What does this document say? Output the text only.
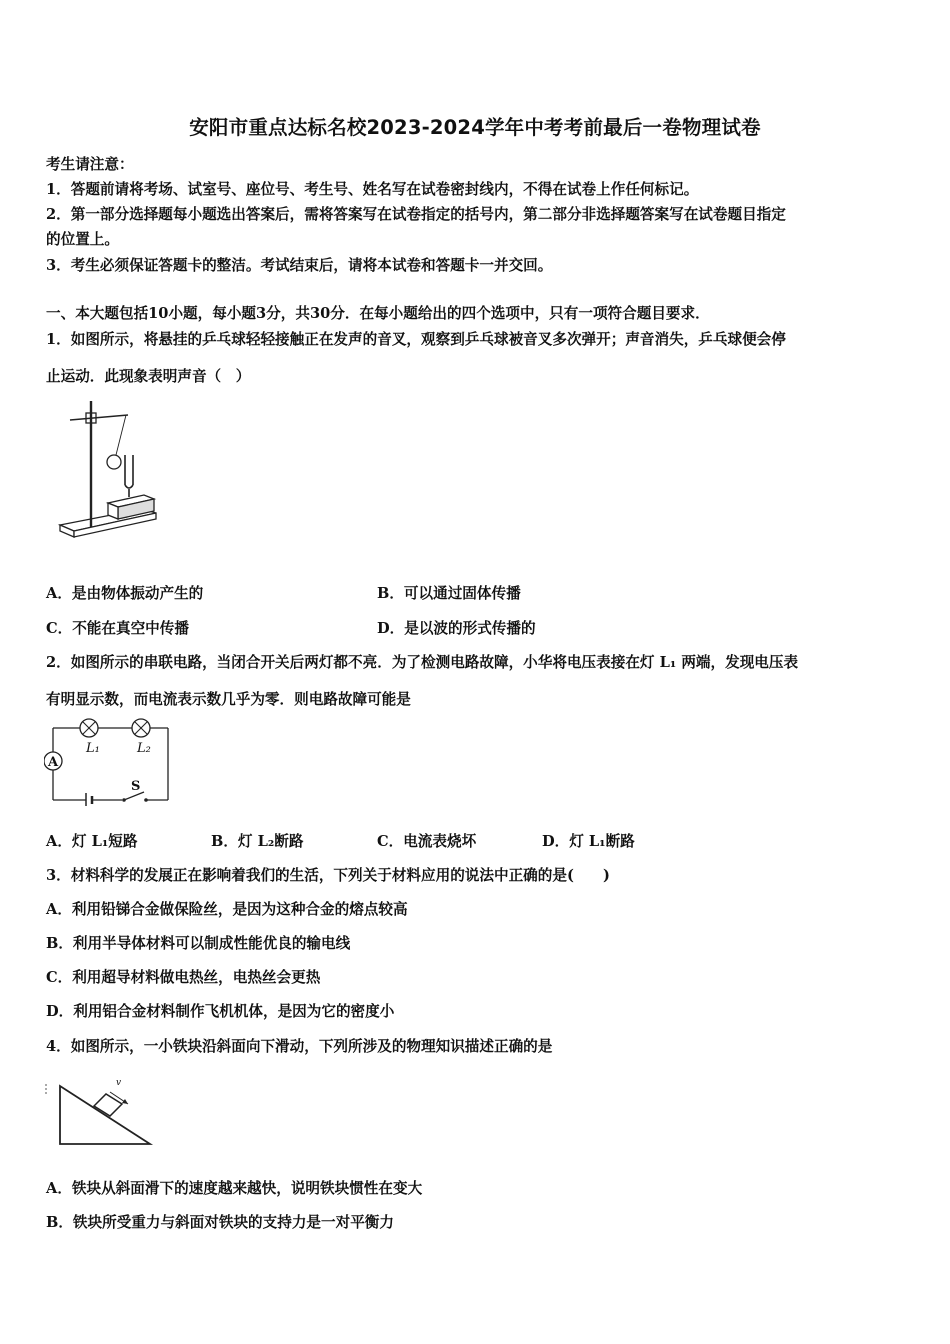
安阳市重点达标名校2023-2024学年中考考前最后一卷物理试卷
考生请注意：
1．答题前请将考场、试室号、座位号、考生号、姓名写在试卷密封线内，不得在试卷上作任何标记。
2．第一部分选择题每小题选出答案后，需将答案写在试卷指定的括号内，第二部分非选择题答案写在试卷题目指定
的位置上。
3．考生必须保证答题卡的整洁。考试结束后，请将本试卷和答题卡一并交回。
一、本大题包括10小题，每小题3分，共30分．在每小题给出的四个选项中，只有一项符合题目要求．
1．如图所示，将悬挂的乒乓球轻轻接触正在发声的音叉，观察到乒乓球被音叉多次弹开；声音消失，乒乓球便会停
止运动．此现象表明声音（　）
A．是由物体振动产生的	B．可以通过固体传播
C．不能在真空中传播	D．是以波的形式传播的
2．如图所示的串联电路，当闭合开关后两灯都不亮．为了检测电路故障，小华将电压表接在灯 L₁ 两端，发现电压表
有明显示数，而电流表示数几乎为零．则电路故障可能是
A
L₁	L₂
S
A．灯 L₁短路	B．灯 L₂断路	C．电流表烧坏	D．灯 L₁断路
3．材料科学的发展正在影响着我们的生活，下列关于材料应用的说法中正确的是(　　)
A．利用铅锑合金做保险丝，是因为这种合金的熔点较高
B．利用半导体材料可以制成性能优良的输电线
C．利用超导材料做电热丝，电热丝会更热
D．利用铝合金材料制作飞机机体，是因为它的密度小
4．如图所示，一小铁块沿斜面向下滑动，下列所涉及的物理知识描述正确的是
v
A．铁块从斜面滑下的速度越来越快，说明铁块惯性在变大
B．铁块所受重力与斜面对铁块的支持力是一对平衡力
